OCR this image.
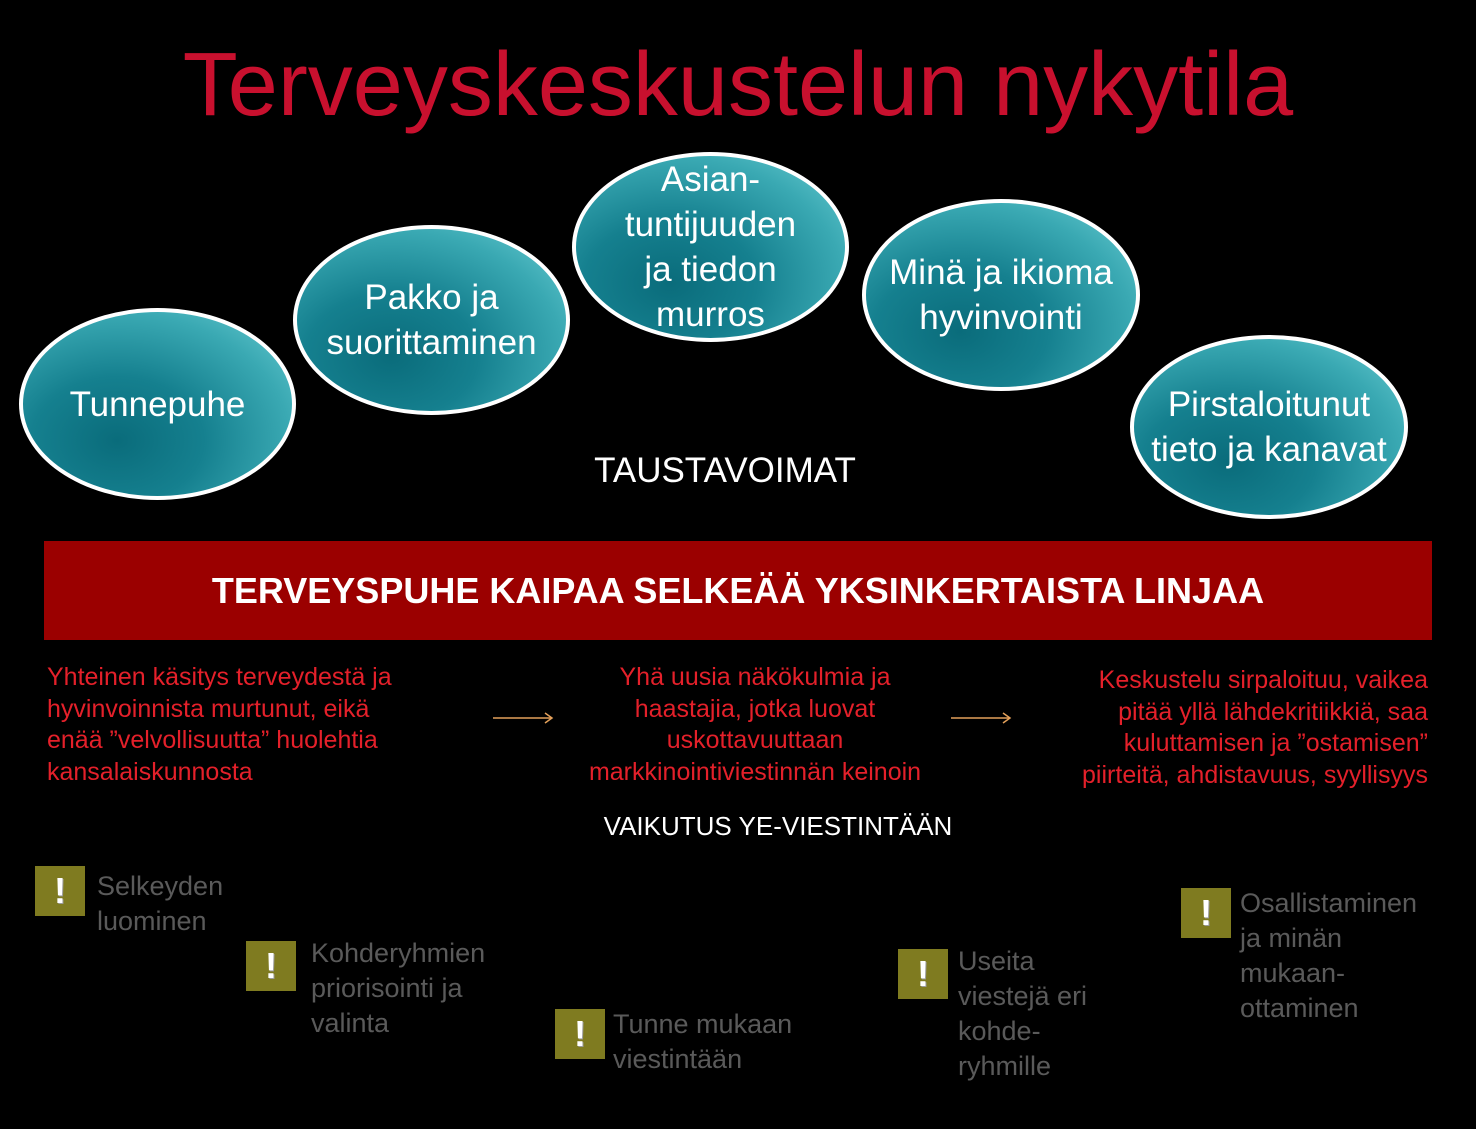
Terveyskeskustelun nykytila
Tunnepuhe
Pakko ja
suorittaminen
Asian-
tuntijuuden
ja tiedon
murros
Minä ja ikioma
hyvinvointi
Pirstaloitunut
tieto ja kanavat
TAUSTAVOIMAT
TERVEYSPUHE KAIPAA SELKEÄÄ YKSINKERTAISTA LINJAA
Yhteinen käsitys terveydestä ja
hyvinvoinnista murtunut, eikä
enää ”velvollisuutta” huolehtia
kansalaiskunnosta
Yhä uusia näkökulmia ja
haastajia, jotka luovat
uskottavuuttaan
markkinointiviestinnän keinoin
Keskustelu sirpaloituu, vaikea
pitää yllä lähdekritiikkiä, saa
kuluttamisen ja ”ostamisen”
piirteitä, ahdistavuus, syyllisyys
VAIKUTUS YE-VIESTINTÄÄN
! Selkeyden
luominen
! Kohderyhmien
priorisointi ja
valinta	! Tunne mukaan
viestintään
! Useita
viestejä eri
kohde-
ryhmille
! Osallistaminen
ja minän
mukaan-
ottaminen
